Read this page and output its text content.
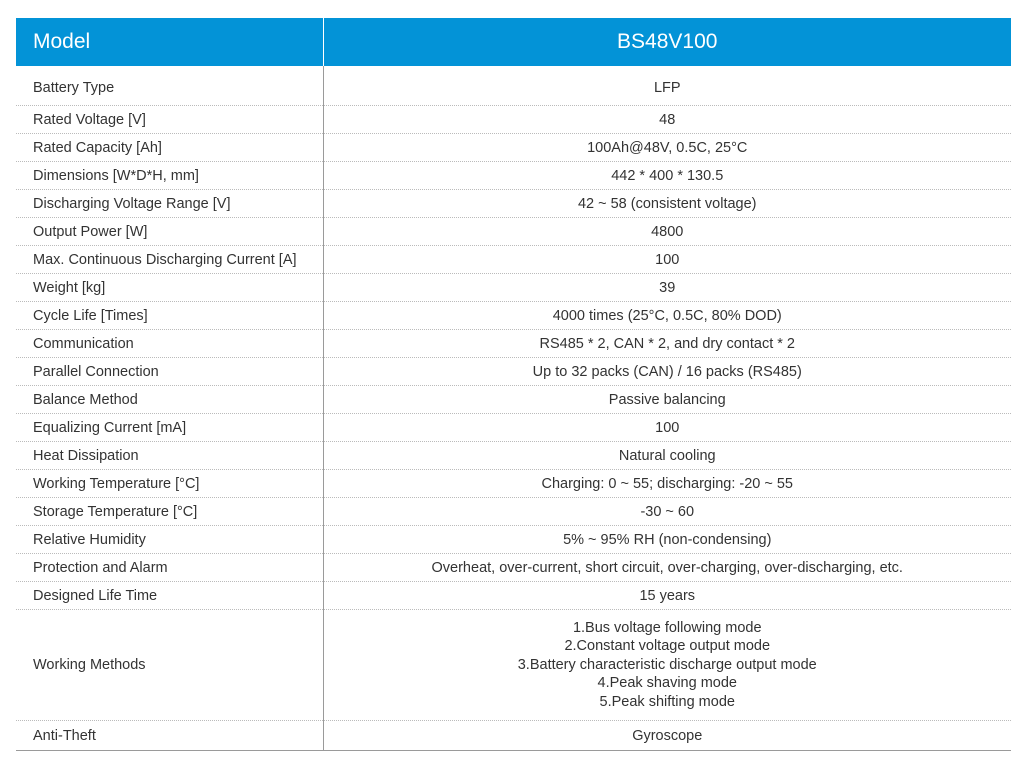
Model	BS48V100
Battery Type	LFP
Rated Voltage [V]	48
Rated Capacity [Ah]	100Ah@48V, 0.5C, 25°C
Dimensions [W*D*H, mm]	442 * 400 * 130.5
Discharging Voltage Range [V]	42 ~ 58 (consistent voltage)
Output Power [W]	4800
Max. Continuous Discharging Current [A]	100
Weight [kg]	39
Cycle Life [Times]	4000 times (25°C, 0.5C, 80% DOD)
Communication	RS485 * 2, CAN * 2, and dry contact * 2
Parallel Connection	Up to 32 packs (CAN) / 16 packs (RS485)
Balance Method	Passive balancing
Equalizing Current [mA]	100
Heat Dissipation	Natural cooling
Working Temperature [°C]	Charging: 0 ~ 55; discharging: -20 ~ 55
Storage Temperature [°C]	-30 ~ 60
Relative Humidity	5% ~ 95% RH (non-condensing)
Protection and Alarm	Overheat, over-current, short circuit, over-charging, over-discharging, etc.
Designed Life Time	15 years
Working Methods	1.Bus voltage following mode
2.Constant voltage output mode
3.Battery characteristic discharge output mode
4.Peak shaving mode
5.Peak shifting mode

Anti-Theft	Gyroscope
